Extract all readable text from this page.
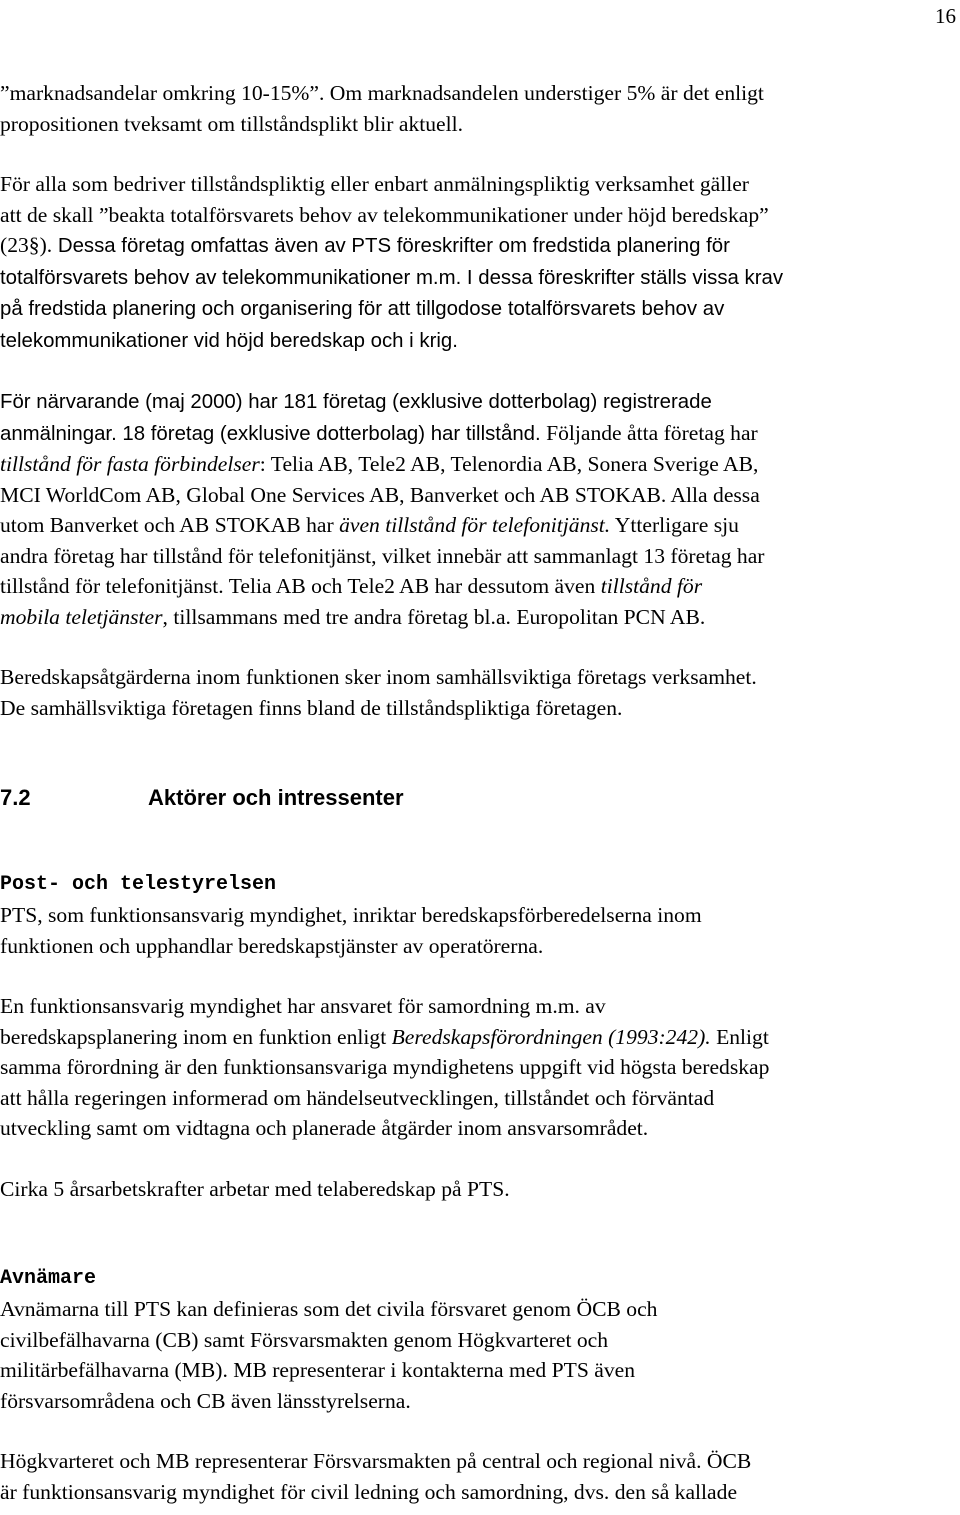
16

”marknadsandelar omkring 10-15%”. Om marknadsandelen understiger 5% är det enligt
propositionen tveksamt om tillståndsplikt blir aktuell.

För alla som bedriver tillståndspliktig eller enbart anmälningspliktig verksamhet gäller
att de skall ”beakta totalförsvarets behov av telekommunikationer under höjd beredskap”
(23§). Dessa företag omfattas även av PTS föreskrifter om fredstida planering för
totalförsvarets behov av telekommunikationer m.m. I dessa föreskrifter ställs vissa krav
på fredstida planering och organisering för att tillgodose totalförsvarets behov av
telekommunikationer vid höjd beredskap och i krig.

För närvarande (maj 2000) har 181 företag (exklusive dotterbolag) registrerade
anmälningar. 18 företag (exklusive dotterbolag) har tillstånd. Följande åtta företag har
tillstånd för fasta förbindelser: Telia AB, Tele2 AB, Telenordia AB, Sonera Sverige AB,
MCI WorldCom AB, Global One Services AB, Banverket och AB STOKAB. Alla dessa
utom Banverket och AB STOKAB har även tillstånd för telefonitjänst. Ytterligare sju
andra företag har tillstånd för telefonitjänst, vilket innebär att sammanlagt 13 företag har
tillstånd för telefonitjänst. Telia AB och Tele2 AB har dessutom även tillstånd för
mobila teletjänster, tillsammans med tre andra företag bl.a. Europolitan PCN AB.

Beredskapsåtgärderna inom funktionen sker inom samhällsviktiga företags verksamhet.
De samhällsviktiga företagen finns bland de tillståndspliktiga företagen.

7.2	Aktörer och intressenter

Post- och telestyrelsen

PTS, som funktionsansvarig myndighet, inriktar beredskapsförberedelserna inom
funktionen och upphandlar beredskapstjänster av operatörerna.

En funktionsansvarig myndighet har ansvaret för samordning m.m. av
beredskapsplanering inom en funktion enligt Beredskapsförordningen (1993:242). Enligt
samma förordning är den funktionsansvariga myndighetens uppgift vid högsta beredskap
att hålla regeringen informerad om händelseutvecklingen, tillståndet och förväntad
utveckling samt om vidtagna och planerade åtgärder inom ansvarsområdet.

Cirka 5 årsarbetskrafter arbetar med telaberedskap på PTS.

Avnämare

Avnämarna till PTS kan definieras som det civila försvaret genom ÖCB och
civilbefälhavarna (CB) samt Försvarsmakten genom Högkvarteret och
militärbefälhavarna (MB). MB representerar i kontakterna med PTS även
försvarsområdena och CB även länsstyrelserna.

Högkvarteret och MB representerar Försvarsmakten på central och regional nivå. ÖCB
är funktionsansvarig myndighet för civil ledning och samordning, dvs. den så kallade
